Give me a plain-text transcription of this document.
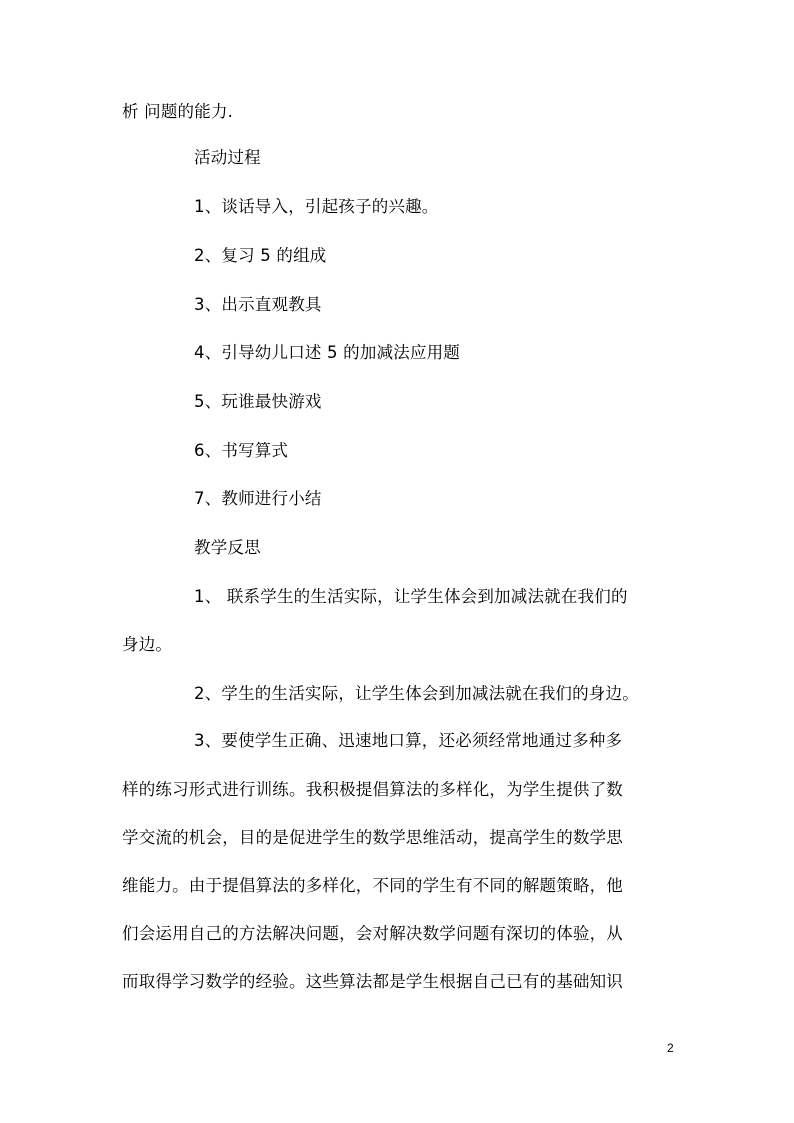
析 问题的能力.
活动过程
1、谈话导入，引起孩子的兴趣。
2、复习 5 的组成
3、出示直观教具
4、引导幼儿口述 5 的加减法应用题
5、玩谁最快游戏
6、书写算式
7、教师进行小结
教学反思
1、 联系学生的生活实际，让学生体会到加减法就在我们的
身边。
2、学生的生活实际，让学生体会到加减法就在我们的身边。
3、要使学生正确、迅速地口算，还必须经常地通过多种多
样的练习形式进行训练。我积极提倡算法的多样化，为学生提供了数
学交流的机会，目的是促进学生的数学思维活动，提高学生的数学思
维能力。由于提倡算法的多样化，不同的学生有不同的解题策略，他
们会运用自己的方法解决问题，会对解决数学问题有深切的体验，从
而取得学习数学的经验。这些算法都是学生根据自己已有的基础知识
2
